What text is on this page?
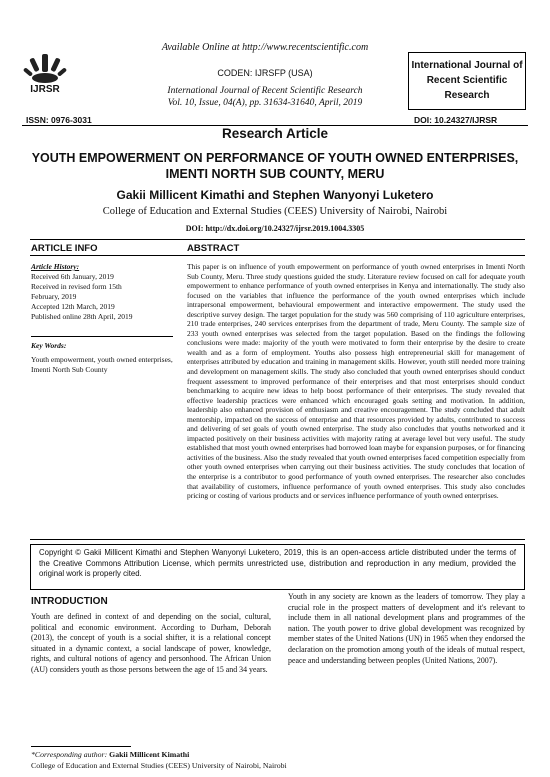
IJRSR
ISSN: 0976-3031
Available Online at http://www.recentscientific.com
CODEN: IJRSFP (USA)
International Journal of Recent Scientific Research
Vol. 10, Issue, 04(A), pp. 31634-31640, April, 2019
International Journal of
Recent Scientific
Research
DOI: 10.24327/IJRSR
Research Article
YOUTH EMPOWERMENT ON PERFORMANCE OF YOUTH OWNED ENTERPRISES,
IMENTI NORTH SUB COUNTY, MERU
Gakii Millicent Kimathi and Stephen Wanyonyi Luketero
College of Education and External Studies (CEES) University of Nairobi, Nairobi
DOI: http://dx.doi.org/10.24327/ijrsr.2019.1004.3305
ARTICLE INFO	ABSTRACT
Article History:
Received 6th January, 2019
Received in revised form 15th
February, 2019
Accepted 12th March, 2019
Published online 28th April, 2019
Key Words:
Youth empowerment, youth owned enterprises, Imenti North Sub County
This paper is on influence of youth empowerment on performance of youth owned enterprises in Imenti North Sub County, Meru. Three study questions guided the study. Literature review focused on call for adequate youth empowerment to enhance performance of youth owned enterprises in Kenya and internationally. The study also focused on the variables that influence the performance of the youth owned enterprises which include intrapersonal empowerment, behavioural empowerment and interactive empowerment. The study used the descriptive survey design. The target population for the study was 560 comprising of 110 agriculture enterprises, 210 trade enterprises, 240 services enterprises from the department of trade, Meru County. The sample size of 233 youth owned enterprises was selected from the target population. Based on the findings the following conclusions were made: majority of the youth were motivated to form their enterprise by the desire to create wealth and as a form of employment. Youths also possess high entrepreneurial skill for management of enterprises attributed by education and training in management skills. However, youth still needed more training and development on management skills. The study also concluded that youth owned enterprises should conduct frequent assessment to improved performance of their enterprises and that most enterprises should conduct benchmarking to acquire new ideas to help boost performance of their enterprises. The study revealed that effective leadership practices were enhanced which encouraged goals setting and motivation. In addition, leadership also enhanced provision of enthusiasm and creative encouragement. The study concluded that adult mentorship, impacted on the success of enterprise and that resources provided by adults, contributed to success and delivering of set goals of youth owned enterprise. The study also concludes that youths networked and it impacted positively on their business activities with majority rating at average level but very useful. The study established that most youth owned enterprises had borrowed loan maybe for expansion purposes, or for financing activities of the business. Also the study revealed that youth owned enterprises faced competition especially from other youth owned enterprises when carrying out their business activities. The study concludes that location of the enterprise is a contributor to good performance of youth owned enterprises. The researcher also concludes that availability of customers, influence performance of youth owned enterprises. This study also concludes pricing or costing of various products and or services influence performance of youth owned enterprises.
Copyright © Gakii Millicent Kimathi and Stephen Wanyonyi Luketero, 2019, this is an open-access article distributed under the terms of the Creative Commons Attribution License, which permits unrestricted use, distribution and reproduction in any medium, provided the original work is properly cited.
INTRODUCTION
Youth are defined in context of and depending on the social, cultural, political and economic environment. According to Durham, Deborah (2013), the concept of youth is a social shifter, it is a relational concept situated in a dynamic context, a social landscape of power, knowledge, rights, and cultural notions of agency and personhood. The African Union (AU) considers youth as those persons between the age of 15 and 34 years.
Youth in any society are known as the leaders of tomorrow. They play a crucial role in the prospect matters of development and it's relevant to include them in all national development plans and programmes of the nation. The youth power to drive global development was recognized by member states of the United Nations (UN) in 1965 when they endorsed the declaration on the promotion among youth of the ideals of mutual respect, peace and understanding between peoples (United Nations, 2007).
*Corresponding author: Gakii Millicent Kimathi
College of Education and External Studies (CEES) University of Nairobi, Nairobi
